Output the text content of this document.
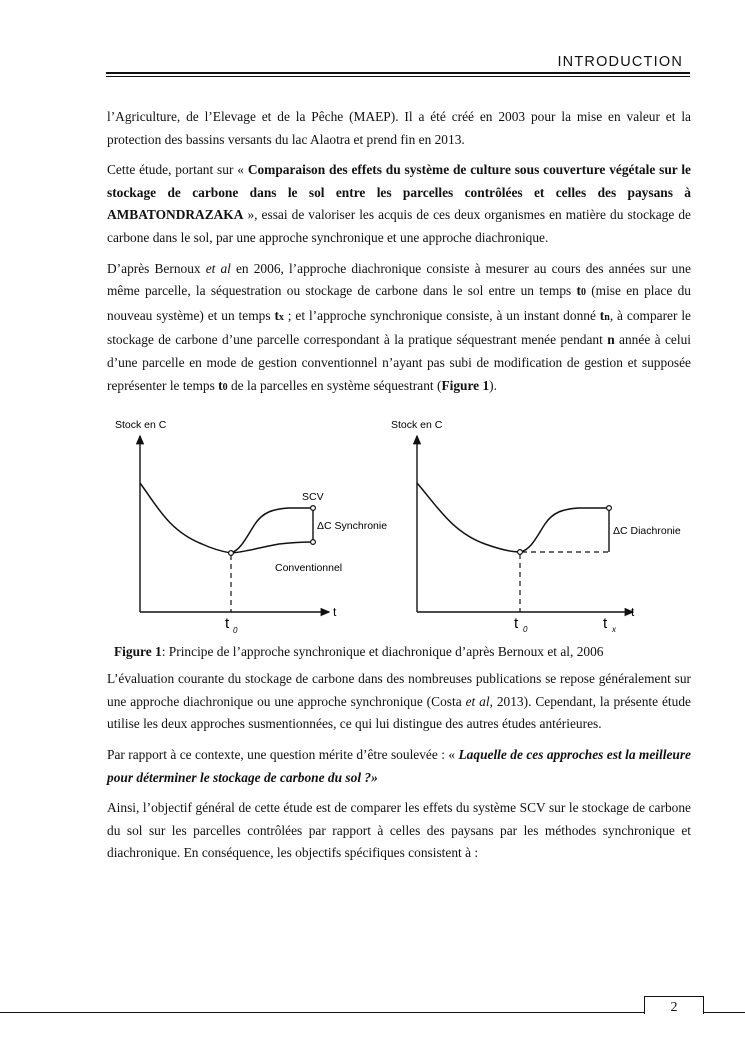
INTRODUCTION

l’Agriculture, de l’Elevage et de la Pêche (MAEP). Il a été créé en 2003 pour la mise en valeur et la protection des bassins versants du lac Alaotra et prend fin en 2013.

Cette étude, portant sur « Comparaison des effets du système de culture sous couverture végétale sur le stockage de carbone dans le sol entre les parcelles contrôlées et celles des paysans à AMBATONDRAZAKA », essai de valoriser les acquis de ces deux organismes en matière du stockage de carbone dans le sol, par une approche synchronique et une approche diachronique.

D’après Bernoux et al en 2006, l’approche diachronique consiste à mesurer au cours des années sur une même parcelle, la séquestration ou stockage de carbone dans le sol entre un temps t0 (mise en place du nouveau système) et un temps tx ; et l’approche synchronique consiste, à un instant donné tn, à comparer le stockage de carbone d’une parcelle correspondant à la pratique séquestrant menée pendant n année à celui d’une parcelle en mode de gestion conventionnel n’ayant pas subi de modification de gestion et supposée représenter le temps t0 de la parcelles en système séquestrant (Figure 1).

Stock en C
t
SCV
ΔC Synchronie
Conventionnel
t 0
Stock en C
t
ΔC Diachronie
t 0	t x
Figure 1: Principe de l’approche synchronique et diachronique d’après Bernoux et al, 2006

L’évaluation courante du stockage de carbone dans des nombreuses publications se repose généralement sur une approche diachronique ou une approche synchronique (Costa et al, 2013). Cependant, la présente étude utilise les deux approches susmentionnées, ce qui lui distingue des autres études antérieures.

Par rapport à ce contexte, une question mérite d’être soulevée : « Laquelle de ces approches est la meilleure pour déterminer le stockage de carbone du sol ?»

Ainsi, l’objectif général de cette étude est de comparer les effets du système SCV sur le stockage de carbone du sol sur les parcelles contrôlées par rapport à celles des paysans par les méthodes synchronique et diachronique. En conséquence, les objectifs spécifiques consistent à :

2
